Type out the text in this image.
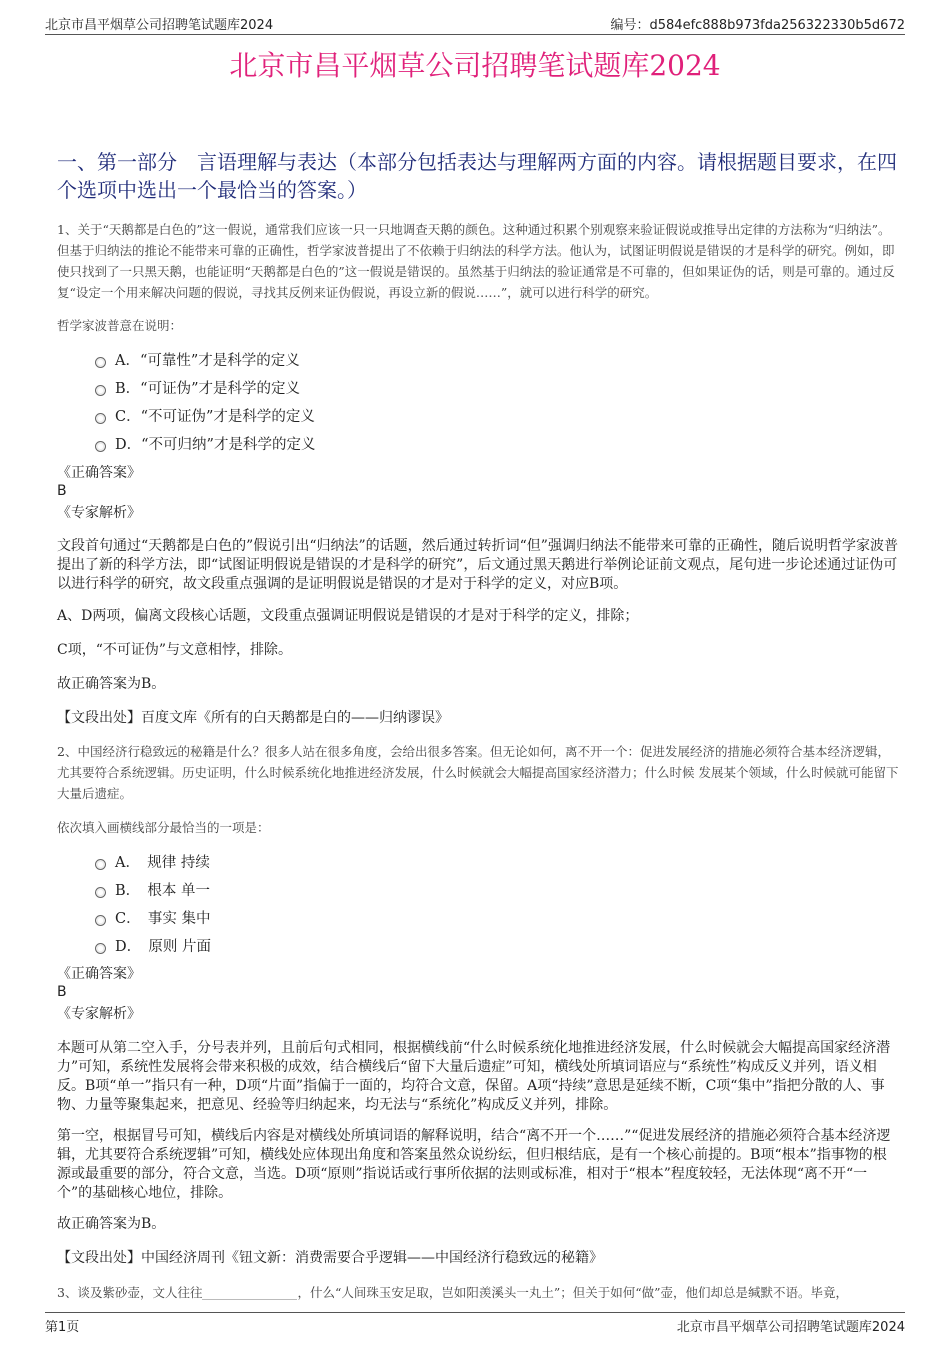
北京市昌平烟草公司招聘笔试题库2024	编号：d584efc888b973fda256322330b5d672
北京市昌平烟草公司招聘笔试题库2024
一、第一部分　言语理解与表达（本部分包括表达与理解两方面的内容。请根据题目要求，在四个选项中选出一个最恰当的答案。）
1、关于“天鹅都是白色的”这一假说，通常我们应该一只一只地调查天鹅的颜色。这种通过积累个别观察来验证假说或推导出定律的方法称为“归纳法”。但基于归纳法的推论不能带来可靠的正确性，哲学家波普提出了不依赖于归纳法的科学方法。他认为，试图证明假说是错误的才是科学的研究。例如，即使只找到了一只黑天鹅，也能证明“天鹅都是白色的”这一假说是错误的。虽然基于归纳法的验证通常是不可靠的，但如果证伪的话，则是可靠的。通过反复“设定一个用来解决问题的假说，寻找其反例来证伪假说，再设立新的假说……”，就可以进行科学的研究。
哲学家波普意在说明：
A．“可靠性”才是科学的定义
B．“可证伪”才是科学的定义
C．“不可证伪”才是科学的定义
D．“不可归纳”才是科学的定义
《正确答案》
B
《专家解析》
文段首句通过“天鹅都是白色的”假说引出“归纳法”的话题，然后通过转折词“但”强调归纳法不能带来可靠的正确性，随后说明哲学家波普提出了新的科学方法，即“试图证明假说是错误的才是科学的研究”，后文通过黑天鹅进行举例论证前文观点，尾句进一步论述通过证伪可以进行科学的研究，故文段重点强调的是证明假说是错误的才是对于科学的定义，对应B项。
A、D两项，偏离文段核心话题，文段重点强调证明假说是错误的才是对于科学的定义，排除；
C项，“不可证伪”与文意相悖，排除。
故正确答案为B。
【文段出处】百度文库《所有的白天鹅都是白的——归纳谬误》
2、中国经济行稳致远的秘籍是什么？很多人站在很多角度，会给出很多答案。但无论如何，离不开一个：促进发展经济的措施必须符合基本经济逻辑，尤其要符合系统逻辑。历史证明，什么时候系统化地推进经济发展，什么时候就会大幅提高国家经济潜力；什么时候 发展某个领域，什么时候就可能留下大量后遗症。
依次填入画横线部分最恰当的一项是：
A．　规律 持续
B．　根本 单一
C．　事实 集中
D．　原则 片面
《正确答案》
B
《专家解析》
本题可从第二空入手，分号表并列，且前后句式相同，根据横线前“什么时候系统化地推进经济发展，什么时候就会大幅提高国家经济潜力”可知，系统性发展将会带来积极的成效，结合横线后“留下大量后遗症”可知，横线处所填词语应与“系统性”构成反义并列，语义相反。B项“单一”指只有一种，D项“片面”指偏于一面的，均符合文意，保留。A项“持续”意思是延续不断，C项“集中”指把分散的人、事物、力量等聚集起来，把意见、经验等归纳起来，均无法与“系统化”构成反义并列，排除。
第一空，根据冒号可知，横线后内容是对横线处所填词语的解释说明，结合“离不开一个……”“促进发展经济的措施必须符合基本经济逻辑，尤其要符合系统逻辑”可知，横线处应体现出角度和答案虽然众说纷纭，但归根结底，是有一个核心前提的。B项“根本”指事物的根源或最重要的部分，符合文意，当选。D项“原则”指说话或行事所依据的法则或标准，相对于“根本”程度较轻，无法体现“离不开“一个”的基础核心地位，排除。
故正确答案为B。
【文段出处】中国经济周刊《钮文新：消费需要合乎逻辑——中国经济行稳致远的秘籍》
3、谈及紫砂壶，文人往往	，什么“人间珠玉安足取，岂如阳羡溪头一丸土”；但关于如何“做”壶，他们却总是缄默不语。毕竟，
第1页	北京市昌平烟草公司招聘笔试题库2024
